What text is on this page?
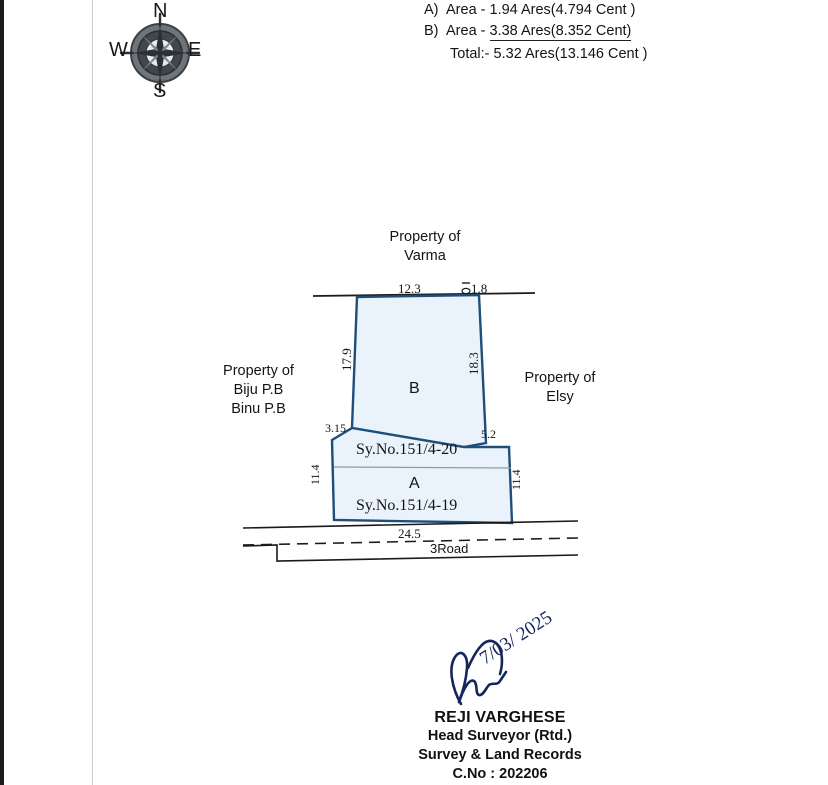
N
S
W	E
A) Area - 1.94 Ares(4.794 Cent )
B) Area - 3.38 Ares(8.352 Cent)
Total:- 5.32 Ares(13.146 Cent )
Property of
Varma
Property of
Biju P.B
Binu P.B
Property of
Elsy
12.3	1.8
17.9	18.3
3.15	5.2
11.4	11.4
24.5
B
Sy.No.151/4-20
A
Sy.No.151/4-19
3Road
7/03/ 2025
REJI VARGHESE
Head Surveyor (Rtd.)
Survey & Land Records
C.No : 202206
